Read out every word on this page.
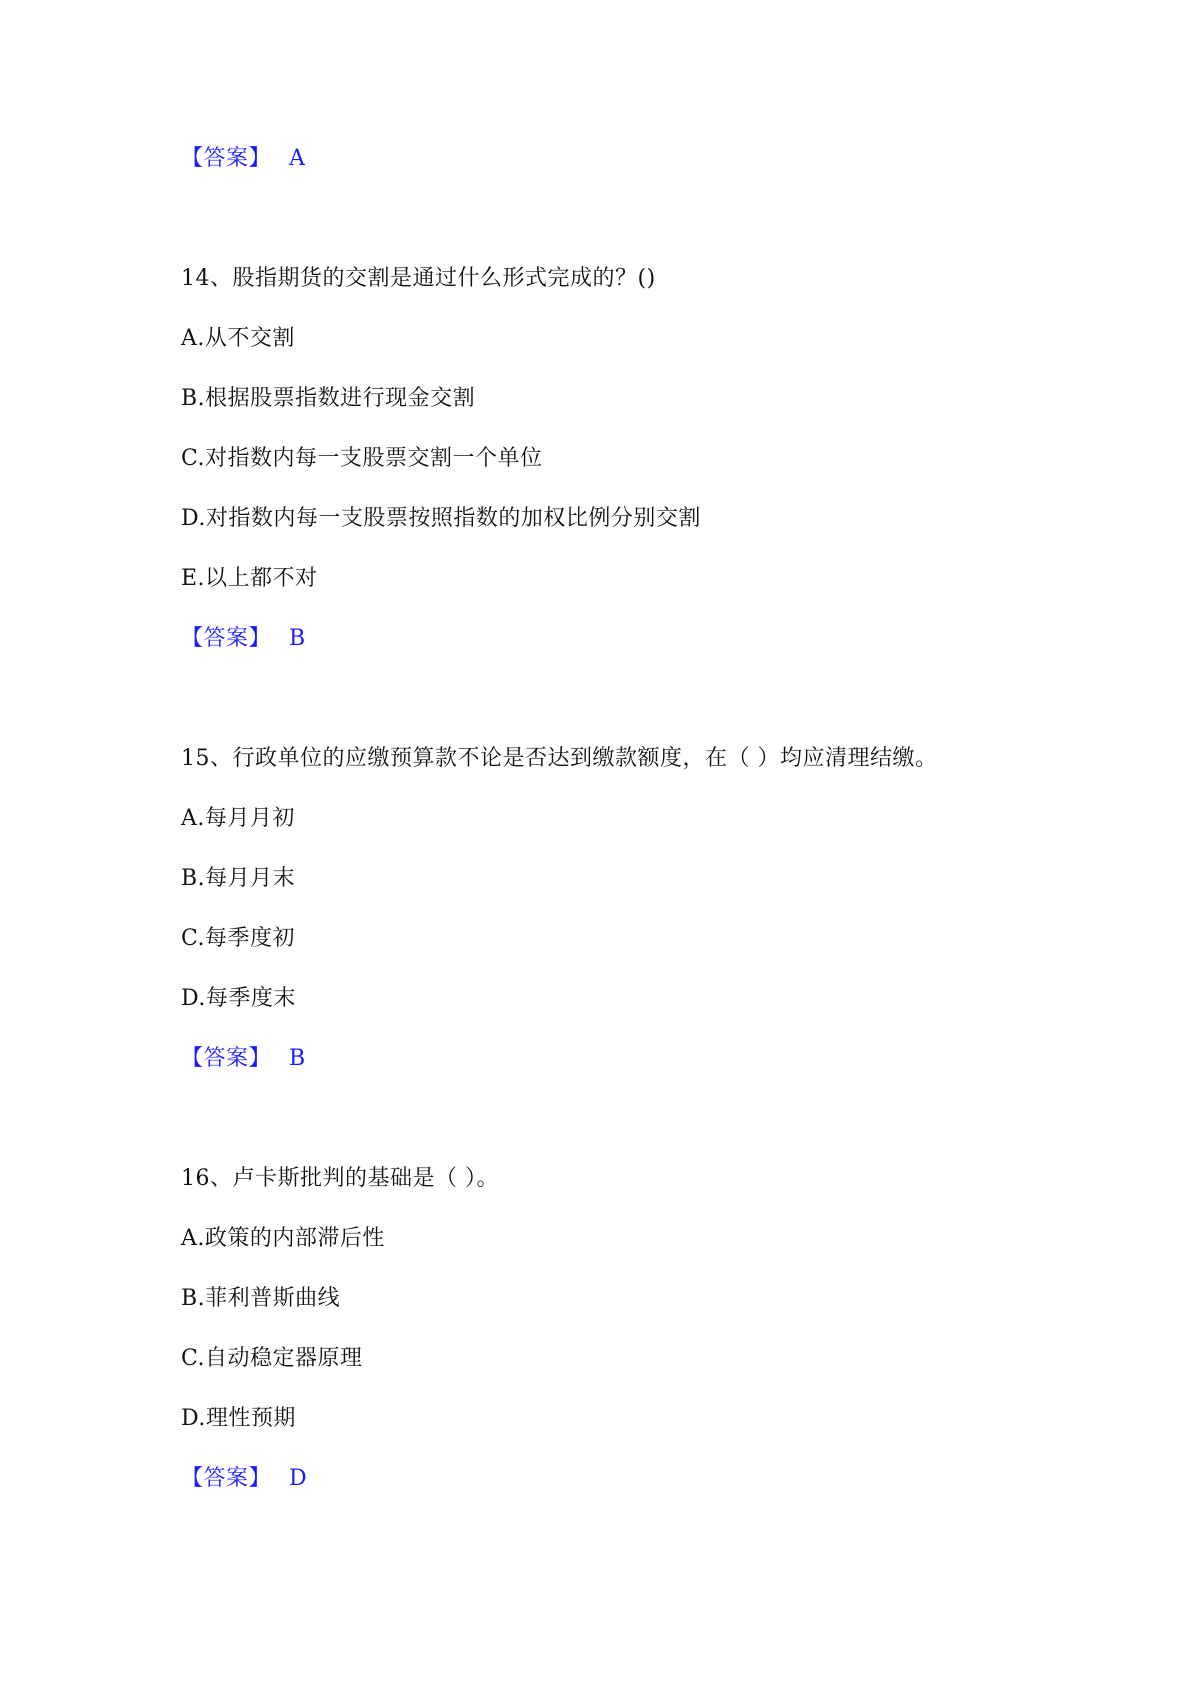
【答案】 A
14、股指期货的交割是通过什么形式完成的？()
A.从不交割
B.根据股票指数进行现金交割
C.对指数内每一支股票交割一个单位
D.对指数内每一支股票按照指数的加权比例分别交割
E.以上都不对
【答案】 B
15、行政单位的应缴预算款不论是否达到缴款额度，在（ ）均应清理结缴。
A.每月月初
B.每月月末
C.每季度初
D.每季度末
【答案】 B
16、卢卡斯批判的基础是（ ）。
A.政策的内部滞后性
B.菲利普斯曲线
C.自动稳定器原理
D.理性预期
【答案】 D
